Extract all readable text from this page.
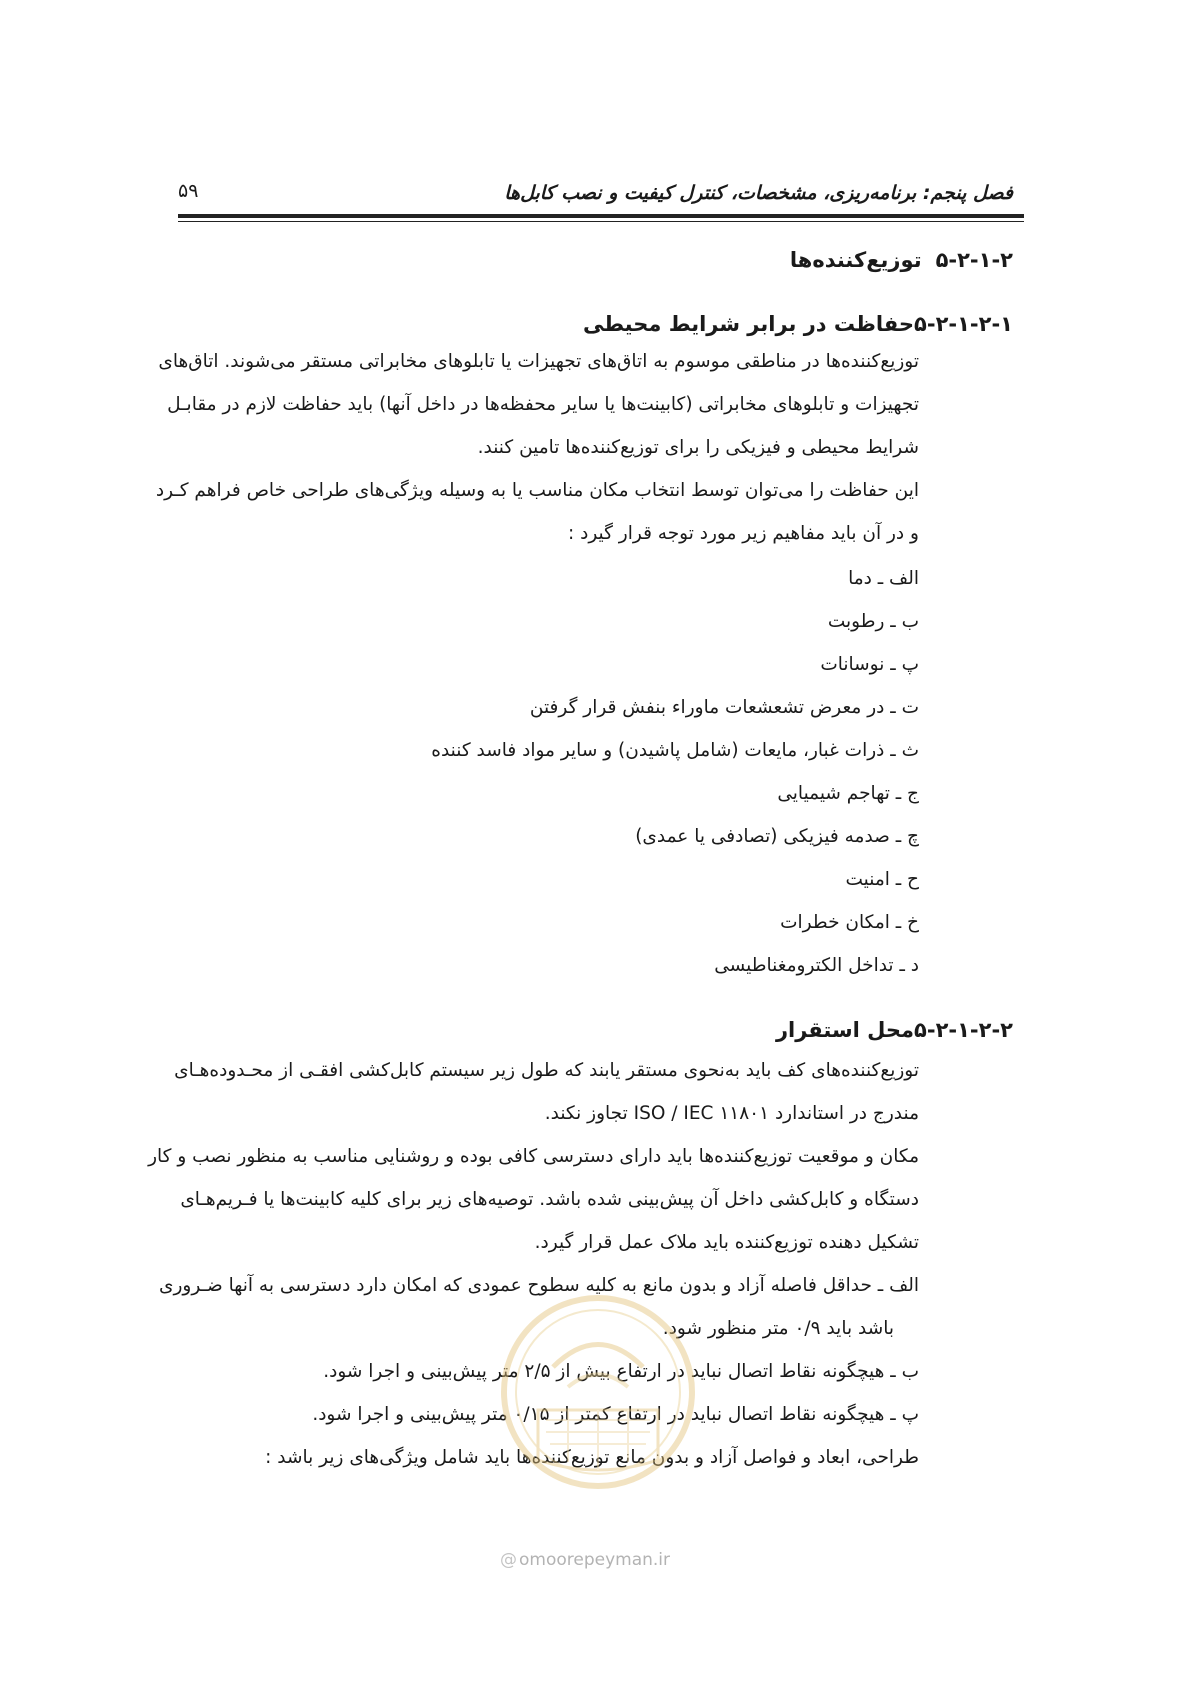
فصل پنجم: برنامه‌ریزی، مشخصات، کنترل کیفیت و نصب کابل‌ها
۵۹
۵-۲-۱-۲توزیع‌کننده‌ها
۵-۲-۱-۲-۱حفاظت در برابر شرایط محیطی
توزیع‌کننده‌ها در مناطقی موسوم به اتاق‌های تجهیزات یا تابلوهای مخابراتی مستقر می‌شوند. اتاق‌های
تجهیزات و تابلوهای مخابراتی (کابینت‌ها یا سایر محفظه‌ها در داخل آنها) باید حفاظت لازم در مقابـل
شرایط محیطی و فیزیکی را برای توزیع‌کننده‌ها تامین کنند.
این حفاظت را می‌توان توسط انتخاب مکان مناسب یا به وسیله ویژگی‌های طراحی خاص فراهم کـرد
و در آن باید مفاهیم زیر مورد توجه قرار گیرد :
الف ـ دما
ب ـ رطوبت
پ ـ نوسانات
ت ـ در معرض تشعشعات ماوراء بنفش قرار گرفتن
ث ـ ذرات غبار، مایعات (شامل پاشیدن) و سایر مواد فاسد کننده
ج ـ تهاجم شیمیایی
چ ـ صدمه فیزیکی (تصادفی یا عمدی)
ح ـ امنیت
خ ـ امکان خطرات
د ـ تداخل الکترومغناطیسی
۵-۲-۱-۲-۲محل استقرار
توزیع‌کننده‌های کف باید به‌نحوی مستقر یابند که طول زیر سیستم کابل‌کشی افقـی از محـدوده‌هـای
مندرج در استاندارد ۱۱۸۰۱ ISO / IEC تجاوز نکند.
مکان و موقعیت توزیع‌کننده‌ها باید دارای دسترسی کافی بوده و روشنایی مناسب به منظور نصب و کار
دستگاه و کابل‌کشی داخل آن پیش‌بینی شده باشد. توصیه‌های زیر برای کلیه کابینت‌ها یا فـریم‌هـای
تشکیل دهنده توزیع‌کننده باید ملاک عمل قرار گیرد.
الف ـ حداقل فاصله آزاد و بدون مانع به کلیه سطوح عمودی که امکان دارد دسترسی به آنها ضـروری
باشد باید ۰/۹ متر منظور شود.
ب ـ هیچگونه نقاط اتصال نباید در ارتفاع بیش از ۲/۵ متر پیش‌بینی و اجرا شود.
پ ـ هیچگونه نقاط اتصال نباید در ارتفاع کمتر از ۰/۱۵ متر پیش‌بینی و اجرا شود.
طراحی، ابعاد و فواصل آزاد و بدون مانع توزیع‌کننده‌ها باید شامل ویژگی‌های زیر باشد :
@ omoorepeyman.ir
